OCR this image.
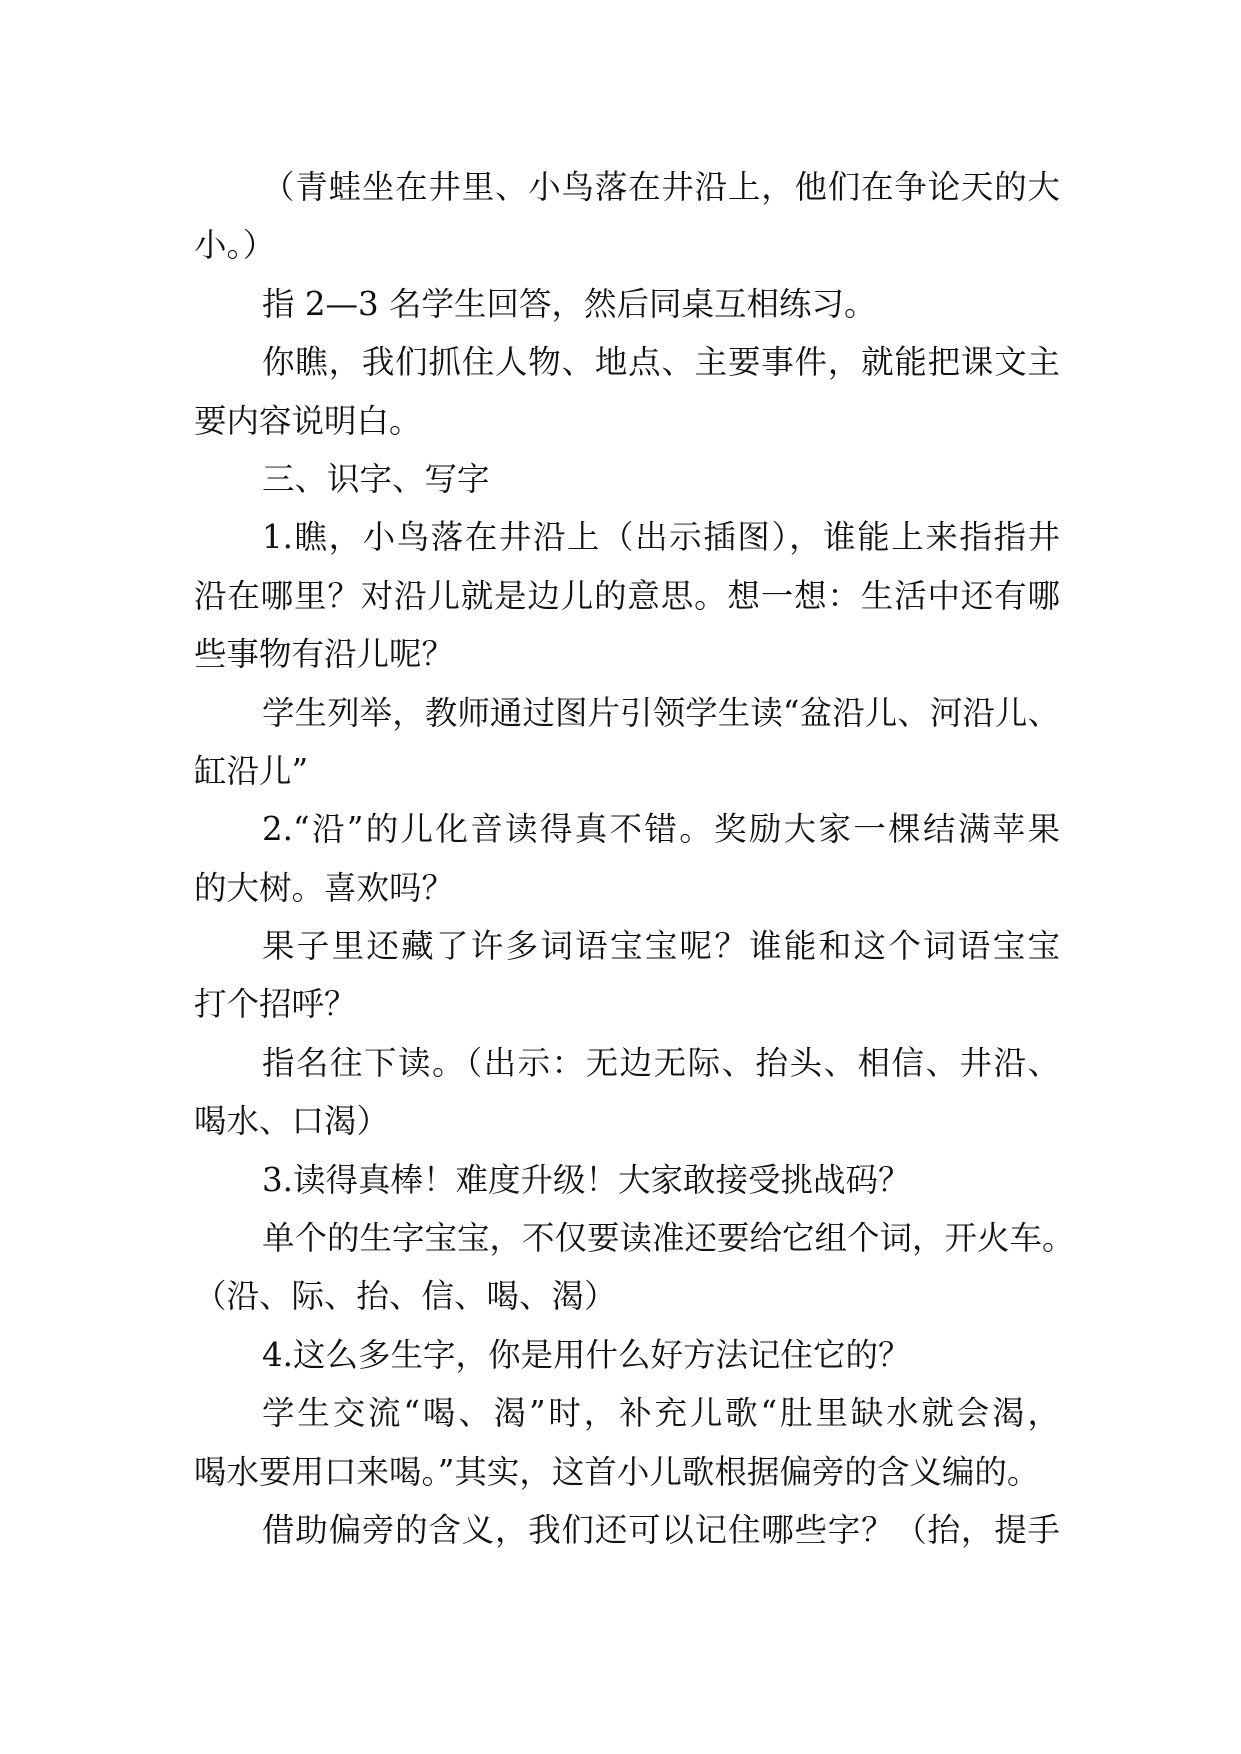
（青蛙坐在井里、小鸟落在井沿上，他们在争论天的大
小。）
指 2—3 名学生回答，然后同桌互相练习。
你瞧，我们抓住人物、地点、主要事件，就能把课文主
要内容说明白。
三、识字、写字
1.瞧，小鸟落在井沿上（出示插图），谁能上来指指井
沿在哪里？对沿儿就是边儿的意思。想一想：生活中还有哪
些事物有沿儿呢？
学生列举，教师通过图片引领学生读“盆沿儿、河沿儿、
缸沿儿”
2.“沿”的儿化音读得真不错。奖励大家一棵结满苹果
的大树。喜欢吗？
果子里还藏了许多词语宝宝呢？谁能和这个词语宝宝
打个招呼？
指名往下读。（出示：无边无际、抬头、相信、井沿、
喝水、口渴）
3.读得真棒！难度升级！大家敢接受挑战码？
单个的生字宝宝，不仅要读准还要给它组个词，开火车。
（沿、际、抬、信、喝、渴）
4.这么多生字，你是用什么好方法记住它的？
学生交流“喝、渴”时，补充儿歌“肚里缺水就会渴，
喝水要用口来喝。”其实，这首小儿歌根据偏旁的含义编的。
借助偏旁的含义，我们还可以记住哪些字？（抬，提手
